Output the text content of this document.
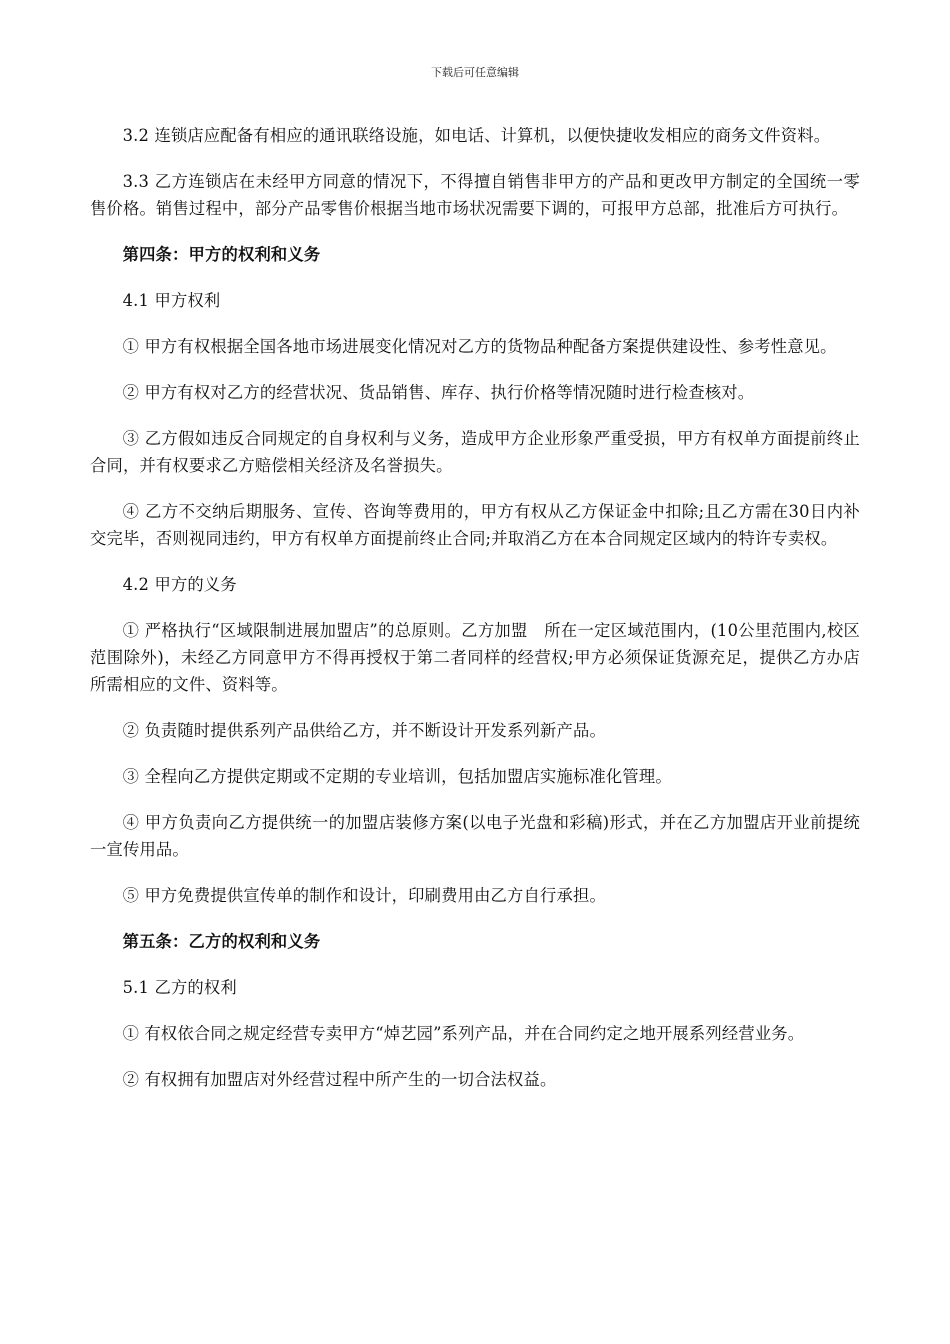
下载后可任意编辑

3.2 连锁店应配备有相应的通讯联络设施，如电话、计算机，以便快捷收发相应的商务文件资料。

3.3 乙方连锁店在未经甲方同意的情况下，不得擅自销售非甲方的产品和更改甲方制定的全国统一零售价格。销售过程中，部分产品零售价根据当地市场状况需要下调的，可报甲方总部，批准后方可执行。

第四条：甲方的权利和义务

4.1 甲方权利

① 甲方有权根据全国各地市场进展变化情况对乙方的货物品种配备方案提供建设性、参考性意见。

② 甲方有权对乙方的经营状况、货品销售、库存、执行价格等情况随时进行检查核对。

③ 乙方假如违反合同规定的自身权利与义务，造成甲方企业形象严重受损，甲方有权单方面提前终止合同，并有权要求乙方赔偿相关经济及名誉损失。

④ 乙方不交纳后期服务、宣传、咨询等费用的，甲方有权从乙方保证金中扣除;且乙方需在30日内补交完毕，否则视同违约，甲方有权单方面提前终止合同;并取消乙方在本合同规定区域内的特许专卖权。

4.2 甲方的义务

① 严格执行“区域限制进展加盟店”的总原则。乙方加盟　所在一定区域范围内，(10公里范围内,校区范围除外)，未经乙方同意甲方不得再授权于第二者同样的经营权;甲方必须保证货源充足，提供乙方办店所需相应的文件、资料等。

② 负责随时提供系列产品供给乙方，并不断设计开发系列新产品。

③ 全程向乙方提供定期或不定期的专业培训，包括加盟店实施标准化管理。

④ 甲方负责向乙方提供统一的加盟店装修方案(以电子光盘和彩稿)形式，并在乙方加盟店开业前提统一宣传用品。

⑤ 甲方免费提供宣传单的制作和设计，印刷费用由乙方自行承担。

第五条：乙方的权利和义务

5.1 乙方的权利

① 有权依合同之规定经营专卖甲方“焯艺园”系列产品，并在合同约定之地开展系列经营业务。

② 有权拥有加盟店对外经营过程中所产生的一切合法权益。
